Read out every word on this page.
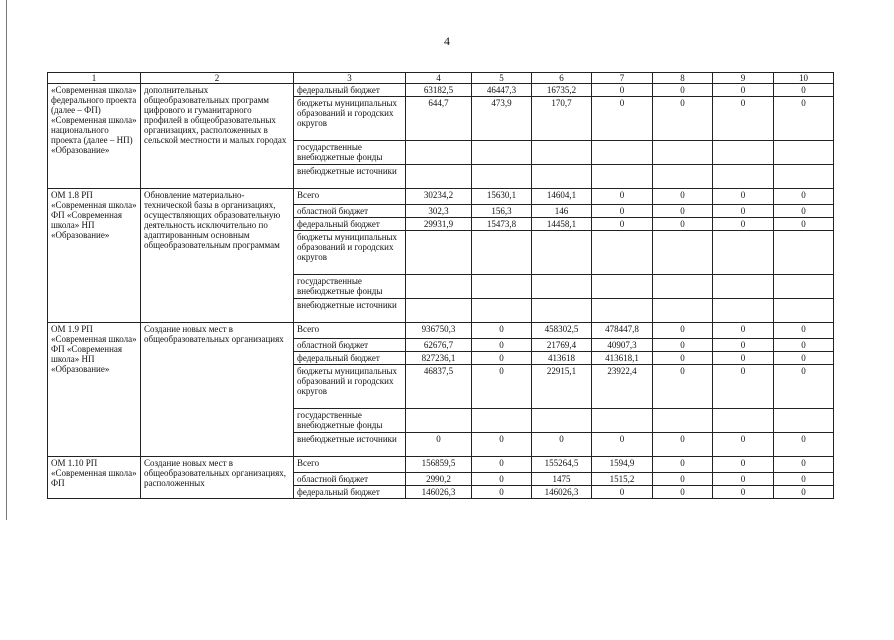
4
1	2	3	4	5	6	7	8	9	10
«Современная школа» федерального проекта (далее – ФП) «Современная школа» национального проекта (далее – НП) «Образование»	дополнительных общеобразовательных программ цифрового и гуманитарного профилей в общеобразовательных организациях, расположенных в сельской местности и малых городах	федеральный бюджет	63182,5	46447,3	16735,2	0	0	0	0
		бюджеты муниципальных образований и городских округов	644,7	473,9	170,7	0	0	0	0
		государственные внебюджетные фонды							
		внебюджетные источники							
ОМ 1.8 РП «Современная школа» ФП «Современная школа» НП «Образование»	Обновление материально-технической базы в организациях, осуществляющих образовательную деятельность исключительно по адаптированным основным общеобразовательным программам	Всего	30234,2	15630,1	14604,1	0	0	0	0
		областной бюджет	302,3	156,3	146	0	0	0	0
		федеральный бюджет	29931,9	15473,8	14458,1	0	0	0	0
		бюджеты муниципальных образований и городских округов							
		государственные внебюджетные фонды							
		внебюджетные источники							
ОМ 1.9 РП «Современная школа» ФП «Современная школа» НП «Образование»	Создание новых мест в общеобразовательных организациях	Всего	936750,3	0	458302,5	478447,8	0	0	0
		областной бюджет	62676,7	0	21769,4	40907,3	0	0	0
		федеральный бюджет	827236,1	0	413618	413618,1	0	0	0
		бюджеты муниципальных образований и городских округов	46837,5	0	22915,1	23922,4	0	0	0
		государственные внебюджетные фонды							
		внебюджетные источники	0	0	0	0	0	0	0
ОМ 1.10 РП «Современная школа» ФП	Создание новых мест в общеобразовательных организациях, расположенных	Всего	156859,5	0	155264,5	1594,9	0	0	0
		областной бюджет	2990,2	0	1475	1515,2	0	0	0
		федеральный бюджет	146026,3	0	146026,3	0	0	0	0
